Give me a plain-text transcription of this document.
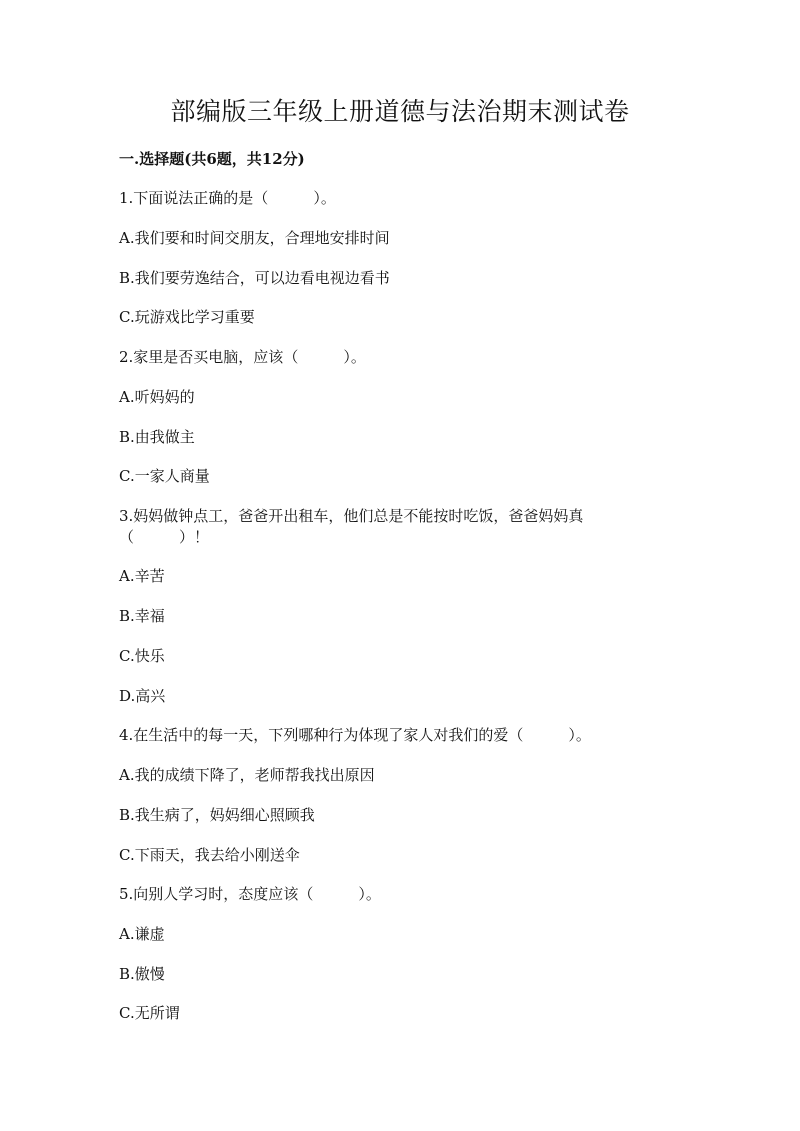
部编版三年级上册道德与法治期末测试卷
一.选择题(共6题，共12分)
1.下面说法正确的是（　　　）。
A.我们要和时间交朋友，合理地安排时间
B.我们要劳逸结合，可以边看电视边看书
C.玩游戏比学习重要
2.家里是否买电脑，应该（　　　）。
A.听妈妈的
B.由我做主
C.一家人商量
3.妈妈做钟点工，爸爸开出租车，他们总是不能按时吃饭，爸爸妈妈真
（　　　）！
A.辛苦
B.幸福
C.快乐
D.高兴
4.在生活中的每一天，下列哪种行为体现了家人对我们的爱（　　　）。
A.我的成绩下降了，老师帮我找出原因
B.我生病了，妈妈细心照顾我
C.下雨天，我去给小刚送伞
5.向别人学习时，态度应该（　　　）。
A.谦虚
B.傲慢
C.无所谓
